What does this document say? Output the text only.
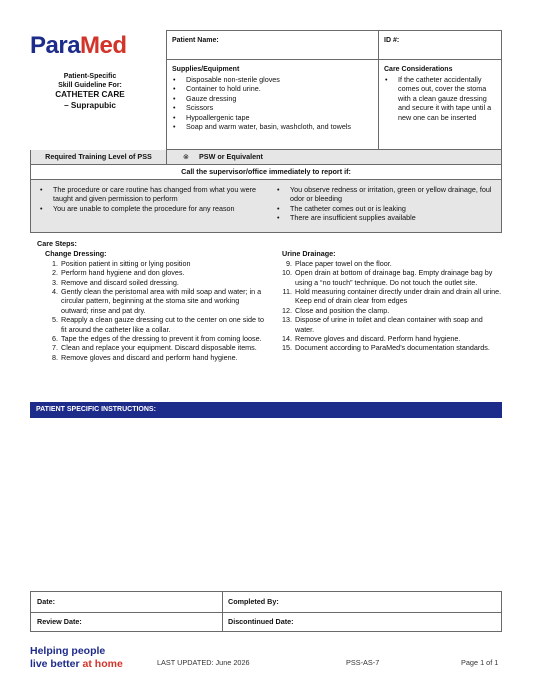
ParaMed
Patient-Specific
Skill Guideline For:

CATHETER CARE
– Suprapubic
Patient Name:	ID #:
Supplies/Equipment
• Disposable non-sterile gloves
• Container to hold urine.
• Gauze dressing
• Scissors
• Hypoallergenic tape
• Soap and warm water, basin, washcloth, and towels
Care Considerations
• If the catheter accidentally comes out, cover the stoma with a clean gauze dressing and secure it with tape until a new one can be inserted
Required Training Level of PSS	⊗ PSW or Equivalent
Call the supervisor/office immediately to report if:
• The procedure or care routine has changed from what you were taught and given permission to perform
• You are unable to complete the procedure for any reason
• You observe redness or irritation, green or yellow drainage, foul odor or bleeding
• The catheter comes out or is leaking
• There are insufficient supplies available
Care Steps:
Change Dressing:	Urine Drainage:
1. Position patient in sitting or lying position
2. Perform hand hygiene and don gloves.
3. Remove and discard soiled dressing.
4. Gently clean the peristomal area with mild soap and water; in a circular pattern, beginning at the stoma site and working outward; rinse and pat dry.
5. Reapply a clean gauze dressing cut to the center on one side to fit around the catheter like a collar.
6. Tape the edges of the dressing to prevent it from coming loose.
7. Clean and replace your equipment. Discard disposable items.
8. Remove gloves and discard and perform hand hygiene.
9. Place paper towel on the floor.
10. Open drain at bottom of drainage bag. Empty drainage bag by using a “no touch” technique. Do not touch the outlet site.
11. Hold measuring container directly under drain and drain all urine. Keep end of drain clear from edges
12. Close and position the clamp.
13. Dispose of urine in toilet and clean container with soap and water.
14. Remove gloves and discard. Perform hand hygiene.
15. Document according to ParaMed’s documentation standards.
PATIENT SPECIFIC INSTRUCTIONS:
Date:	Completed By:
Review Date:	Discontinued Date:
Helping people
live better at home	LAST UPDATED: June 2026	PSS-AS-7	Page 1 of 1
